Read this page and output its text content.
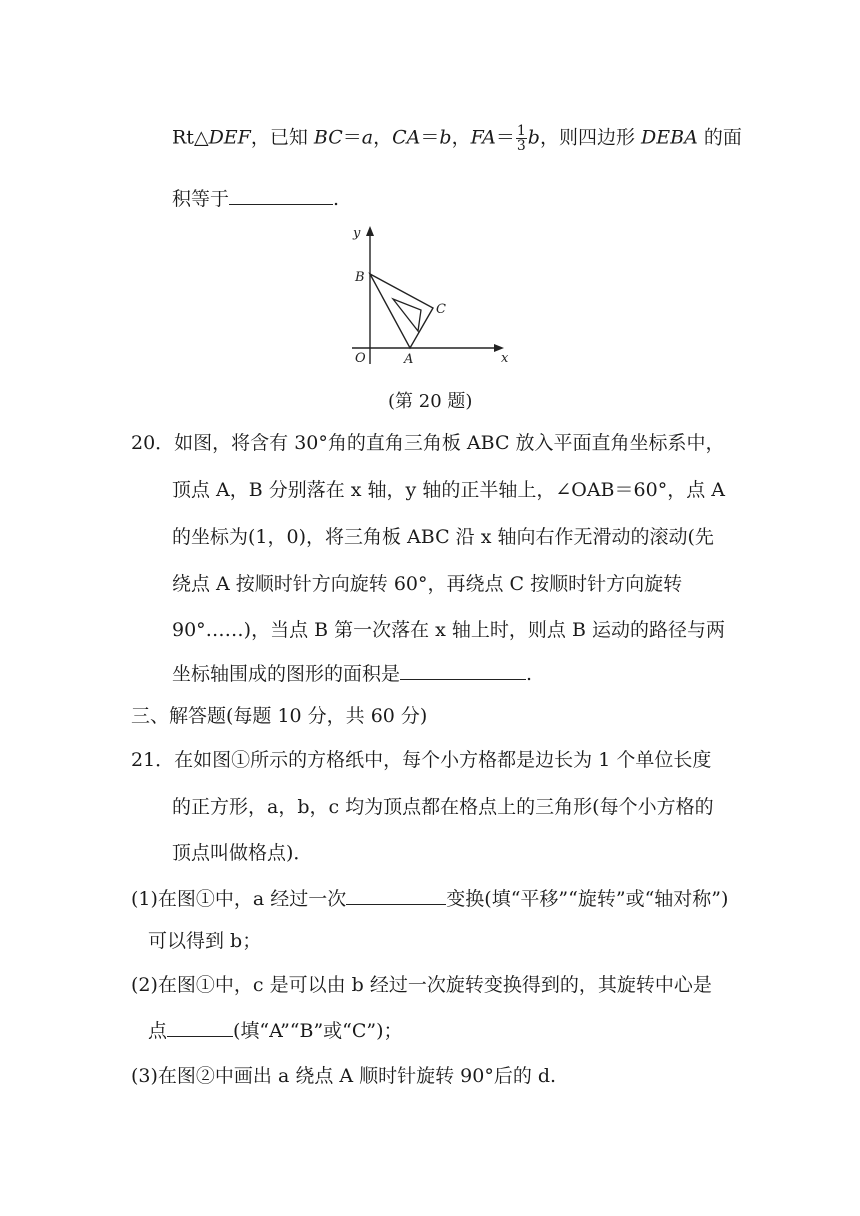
Rt△DEF，已知 BC＝a，CA＝b，$FA= \frac{1}{3}$ b，则四边形 DEBA 的面
积等于	.
y
x
O	A
B
C
(第 20 题)
20．如图，将含有 30°角的直角三角板 ABC 放入平面直角坐标系中，
顶点 A，B 分别落在 x 轴，y 轴的正半轴上，∠OAB＝60°，点 A
的坐标为(1，0)，将三角板 ABC 沿 x 轴向右作无滑动的滚动(先
绕点 A 按顺时针方向旋转 60°，再绕点 C 按顺时针方向旋转
90°……)，当点 B 第一次落在 x 轴上时，则点 B 运动的路径与两
坐标轴围成的图形的面积是	.
三、解答题(每题 10 分，共 60 分)
21．在如图①所示的方格纸中，每个小方格都是边长为 1 个单位长度
的正方形，a，b，c 均为顶点都在格点上的三角形(每个小方格的
顶点叫做格点)．
(1)在图①中，a 经过一次	变换(填“平移”“旋转”或“轴对称”)
可以得到 b；
(2)在图①中，c 是可以由 b 经过一次旋转变换得到的，其旋转中心是
点	(填“A”“B”或“C”)；
(3)在图②中画出 a 绕点 A 顺时针旋转 90°后的 d.
